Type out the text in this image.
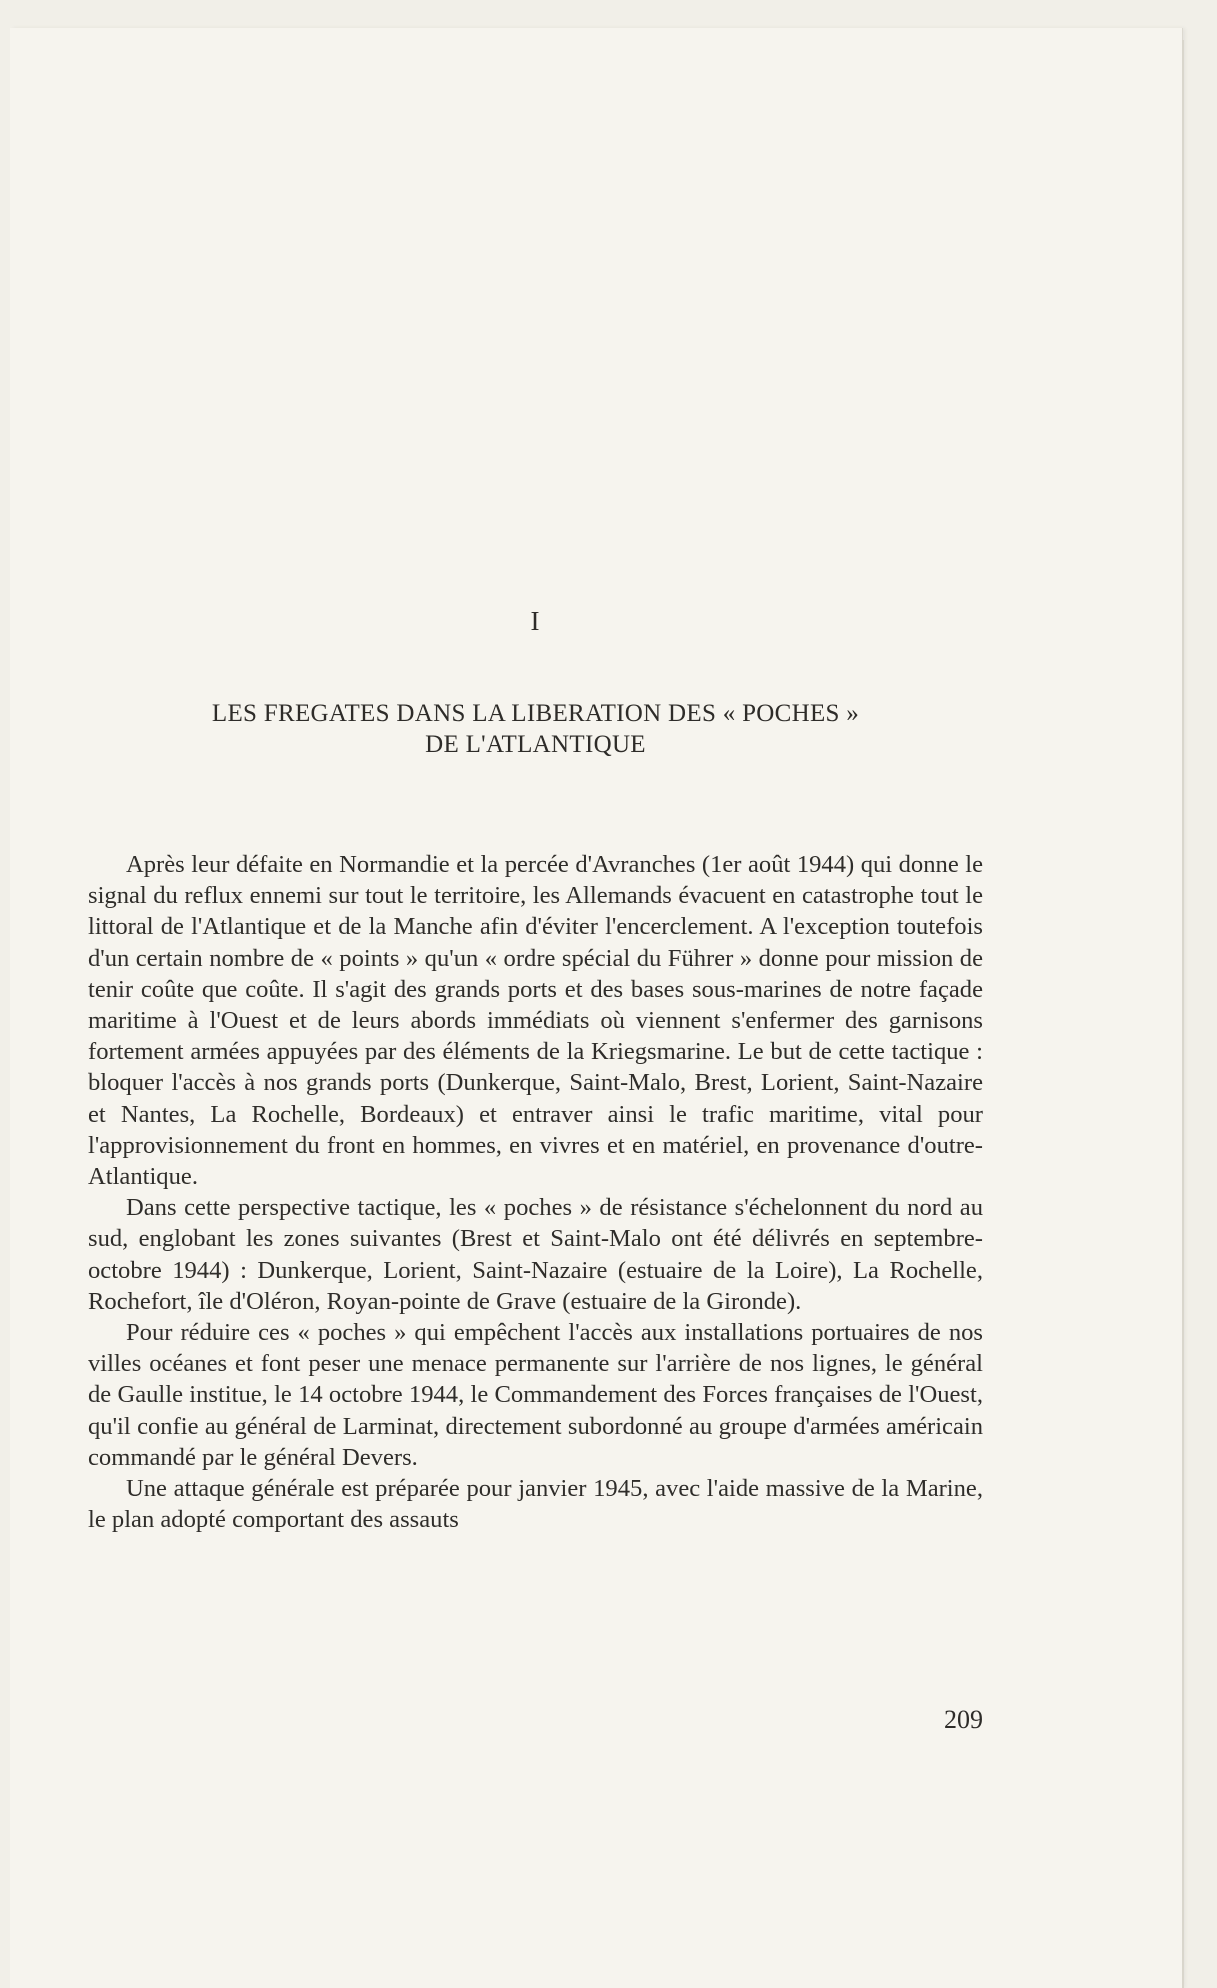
I
LES FREGATES DANS LA LIBERATION DES « POCHES »
DE L'ATLANTIQUE

Après leur défaite en Normandie et la percée d'Avranches (1er août 1944) qui donne le signal du reflux ennemi sur tout le territoire, les Allemands évacuent en catastrophe tout le littoral de l'Atlantique et de la Manche afin d'éviter l'encerclement. A l'exception toutefois d'un certain nombre de « points » qu'un « ordre spécial du Führer » donne pour mission de tenir coûte que coûte. Il s'agit des grands ports et des bases sous-marines de notre façade maritime à l'Ouest et de leurs abords immédiats où viennent s'enfermer des garnisons fortement armées appuyées par des éléments de la Kriegsmarine. Le but de cette tactique : bloquer l'accès à nos grands ports (Dunkerque, Saint-Malo, Brest, Lorient, Saint-Nazaire et Nantes, La Rochelle, Bordeaux) et entraver ainsi le trafic maritime, vital pour l'approvisionnement du front en hommes, en vivres et en matériel, en provenance d'outre-Atlantique.

Dans cette perspective tactique, les « poches » de résistance s'échelonnent du nord au sud, englobant les zones suivantes (Brest et Saint-Malo ont été délivrés en septembre-octobre 1944) : Dunkerque, Lorient, Saint-Nazaire (estuaire de la Loire), La Rochelle, Rochefort, île d'Oléron, Royan-pointe de Grave (estuaire de la Gironde).

Pour réduire ces « poches » qui empêchent l'accès aux installations portuaires de nos villes océanes et font peser une menace permanente sur l'arrière de nos lignes, le général de Gaulle institue, le 14 octobre 1944, le Commandement des Forces françaises de l'Ouest, qu'il confie au général de Larminat, directement subordonné au groupe d'armées américain commandé par le général Devers.

Une attaque générale est préparée pour janvier 1945, avec l'aide massive de la Marine, le plan adopté comportant des assauts

209
